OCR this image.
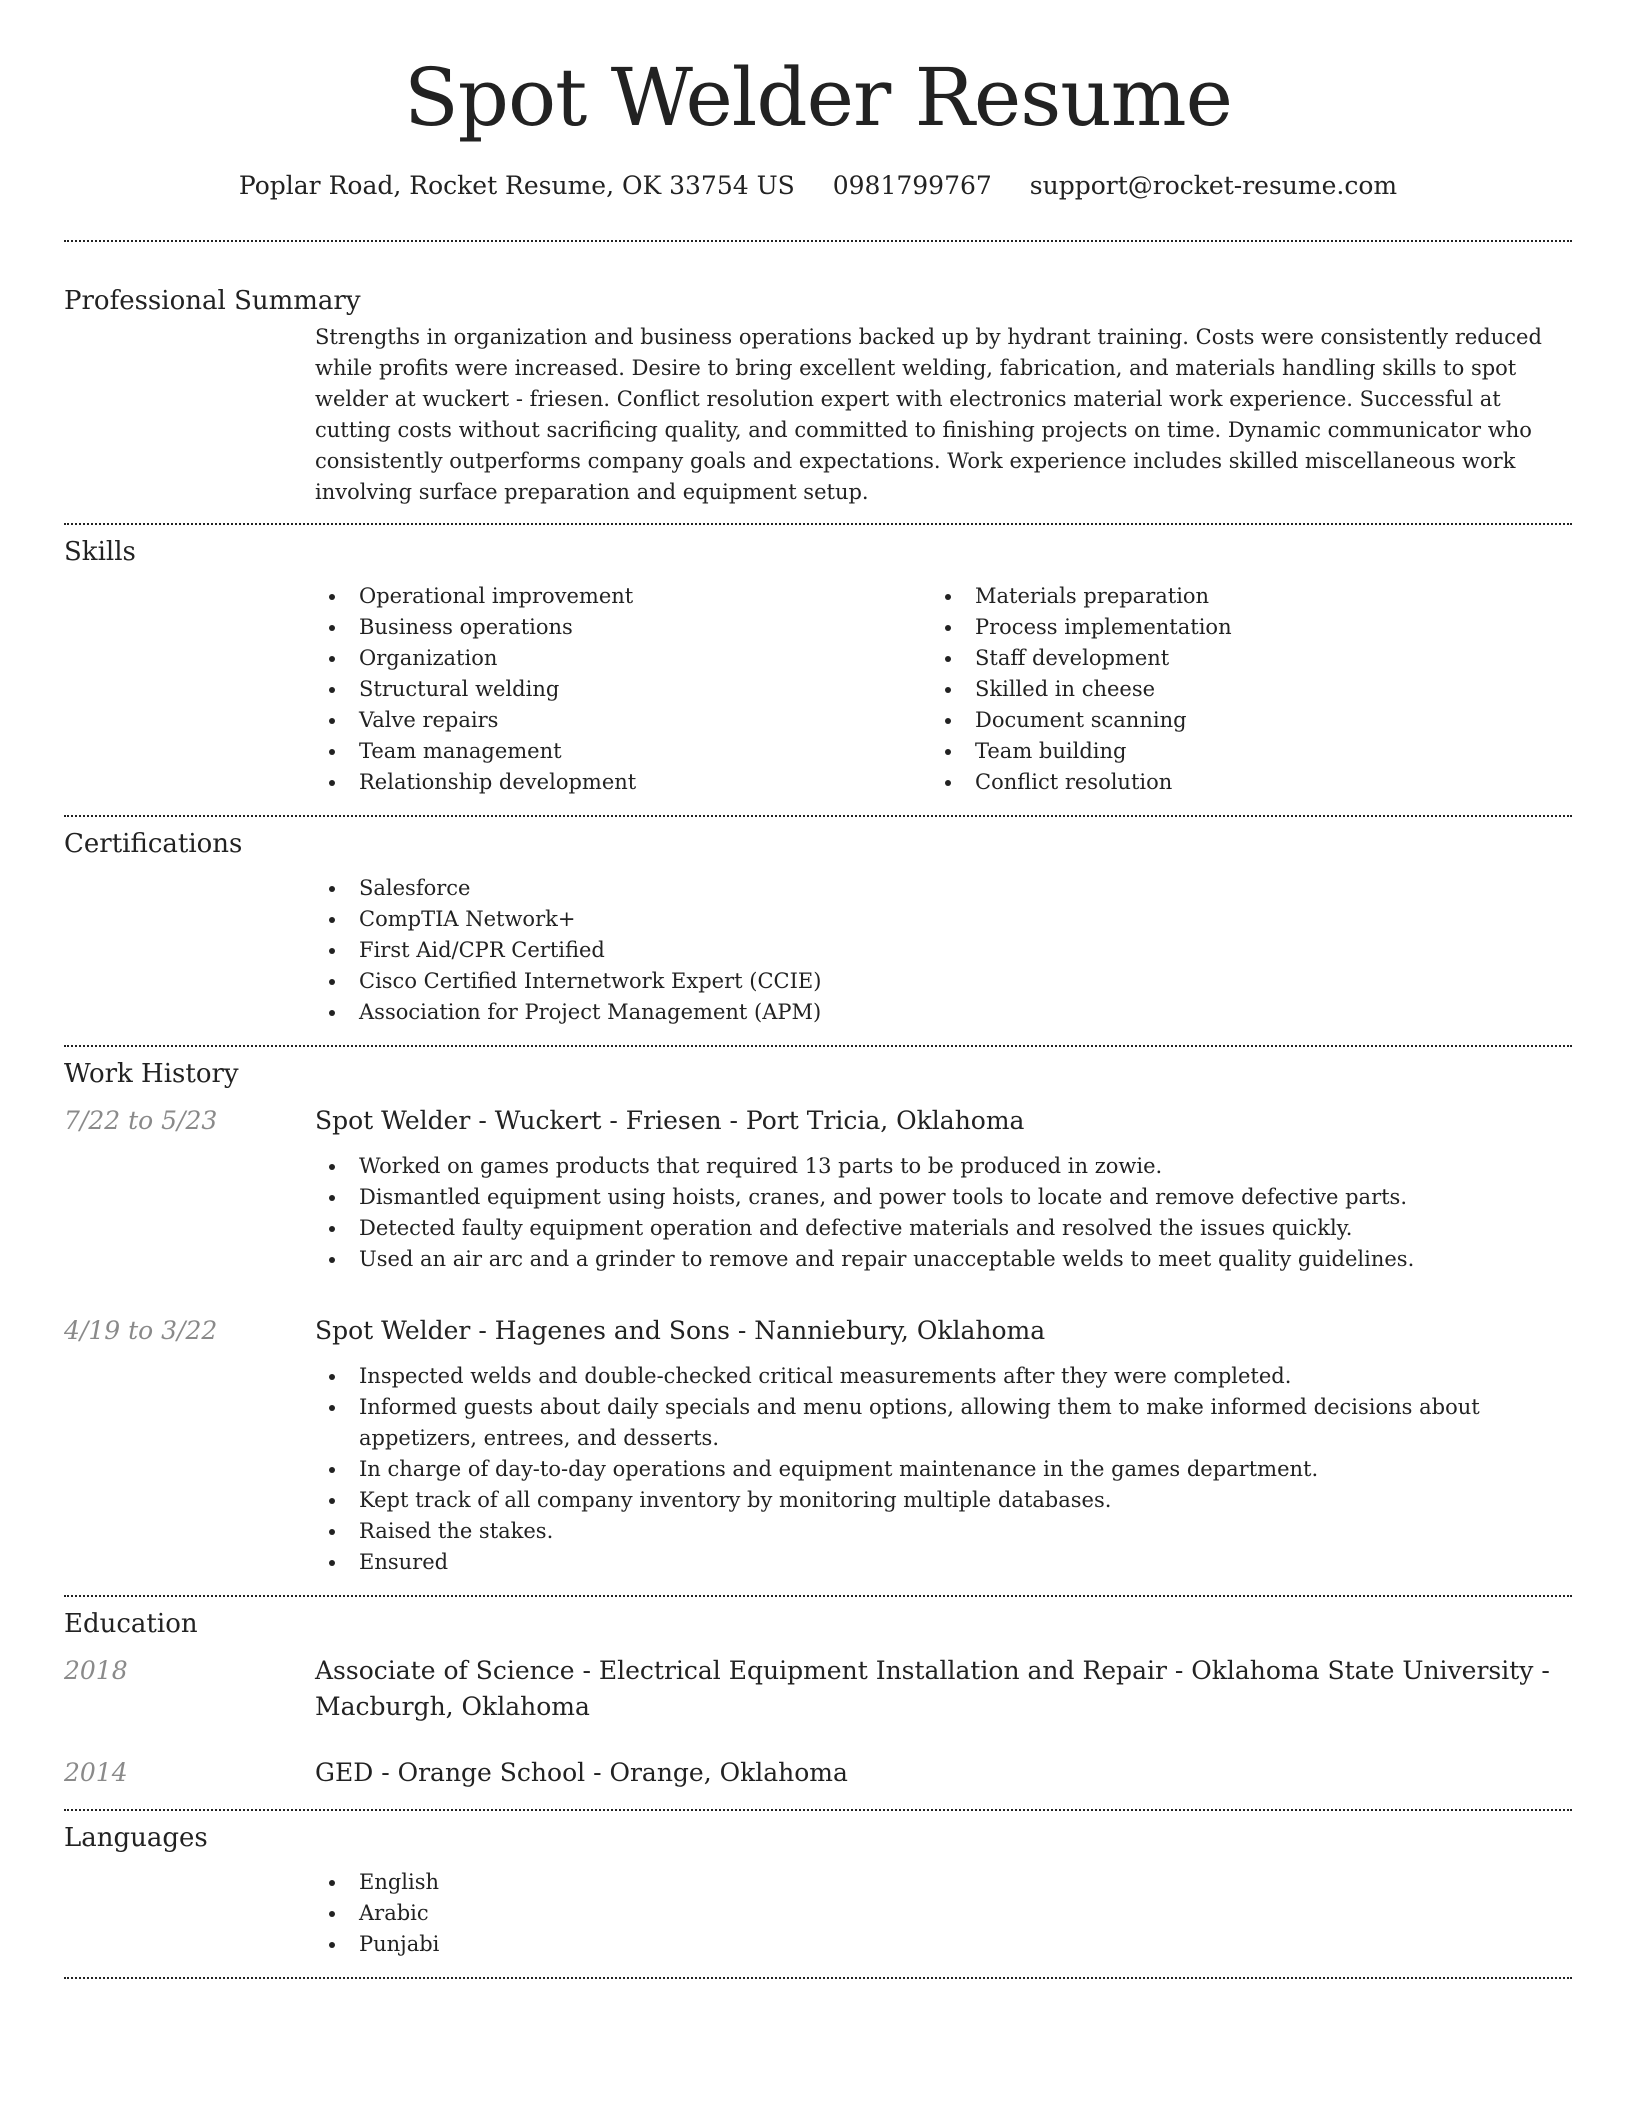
Spot Welder Resume
Poplar Road, Rocket Resume, OK 33754 US 0981799767 support@rocket-resume.com
Professional Summary
Strengths in organization and business operations backed up by hydrant training. Costs were consistently reduced while profits were increased. Desire to bring excellent welding, fabrication, and materials handling skills to spot welder at wuckert - friesen. Conflict resolution expert with electronics material work experience. Successful at cutting costs without sacrificing quality, and committed to finishing projects on time. Dynamic communicator who consistently outperforms company goals and expectations. Work experience includes skilled miscellaneous work involving surface preparation and equipment setup.
Skills
Operational improvement
Business operations
Organization
Structural welding
Valve repairs
Team management
Relationship development
Materials preparation
Process implementation
Staff development
Skilled in cheese
Document scanning
Team building
Conflict resolution
Certifications
Salesforce
CompTIA Network+
First Aid/CPR Certified
Cisco Certified Internetwork Expert (CCIE)
Association for Project Management (APM)
Work History
7/22 to 5/23	Spot Welder - Wuckert - Friesen - Port Tricia, Oklahoma
Worked on games products that required 13 parts to be produced in zowie.
Dismantled equipment using hoists, cranes, and power tools to locate and remove defective parts.
Detected faulty equipment operation and defective materials and resolved the issues quickly.
Used an air arc and a grinder to remove and repair unacceptable welds to meet quality guidelines.
4/19 to 3/22	Spot Welder - Hagenes and Sons - Nanniebury, Oklahoma
Inspected welds and double-checked critical measurements after they were completed.
Informed guests about daily specials and menu options, allowing them to make informed decisions about appetizers, entrees, and desserts.
In charge of day-to-day operations and equipment maintenance in the games department.
Kept track of all company inventory by monitoring multiple databases.
Raised the stakes.
Ensured
Education
2018	Associate of Science - Electrical Equipment Installation and Repair - Oklahoma State University - Macburgh, Oklahoma
2014	GED - Orange School - Orange, Oklahoma
Languages
English
Arabic
Punjabi
